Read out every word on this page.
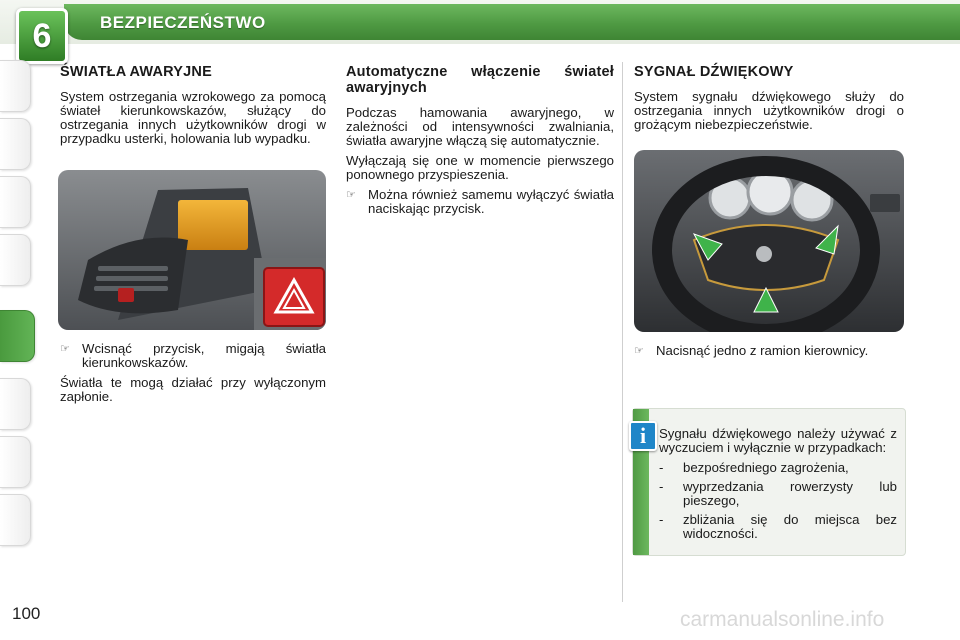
BEZPIECZEŃSTWO
6
100
ŚWIATŁA AWARYJNE

System ostrzegania wzrokowego za pomocą świateł kierunkowskazów, służący do ostrzegania innych użytkowników drogi w przypadku usterki, holowania lub wypadku.

☞ Wcisnąć przycisk, migają światła kierunkowskazów.

Światła te mogą działać przy wyłączonym zapłonie.

Automatyczne włączenie świateł awaryjnych

Podczas hamowania awaryjnego, w zależności od intensywności zwalniania, światła awaryjne włączą się automatycznie.

Wyłączają się one w momencie pierwszego ponownego przyspieszenia.

☞ Można również samemu wyłączyć światła naciskając przycisk.
SYGNAŁ DŹWIĘKOWY

System sygnału dźwiękowego służy do ostrzegania innych użytkowników drogi o grożącym niebezpieczeństwie.

☞ Nacisnąć jedno z ramion kierownicy.
i Sygnału dźwiękowego należy używać z wyczuciem i wyłącznie w przypadkach:

-	bezpośredniego zagrożenia,
-	wyprzedzania rowerzysty lub pieszego,
-	zbliżania się do miejsca bez widoczności.
carmanualsonline.info
